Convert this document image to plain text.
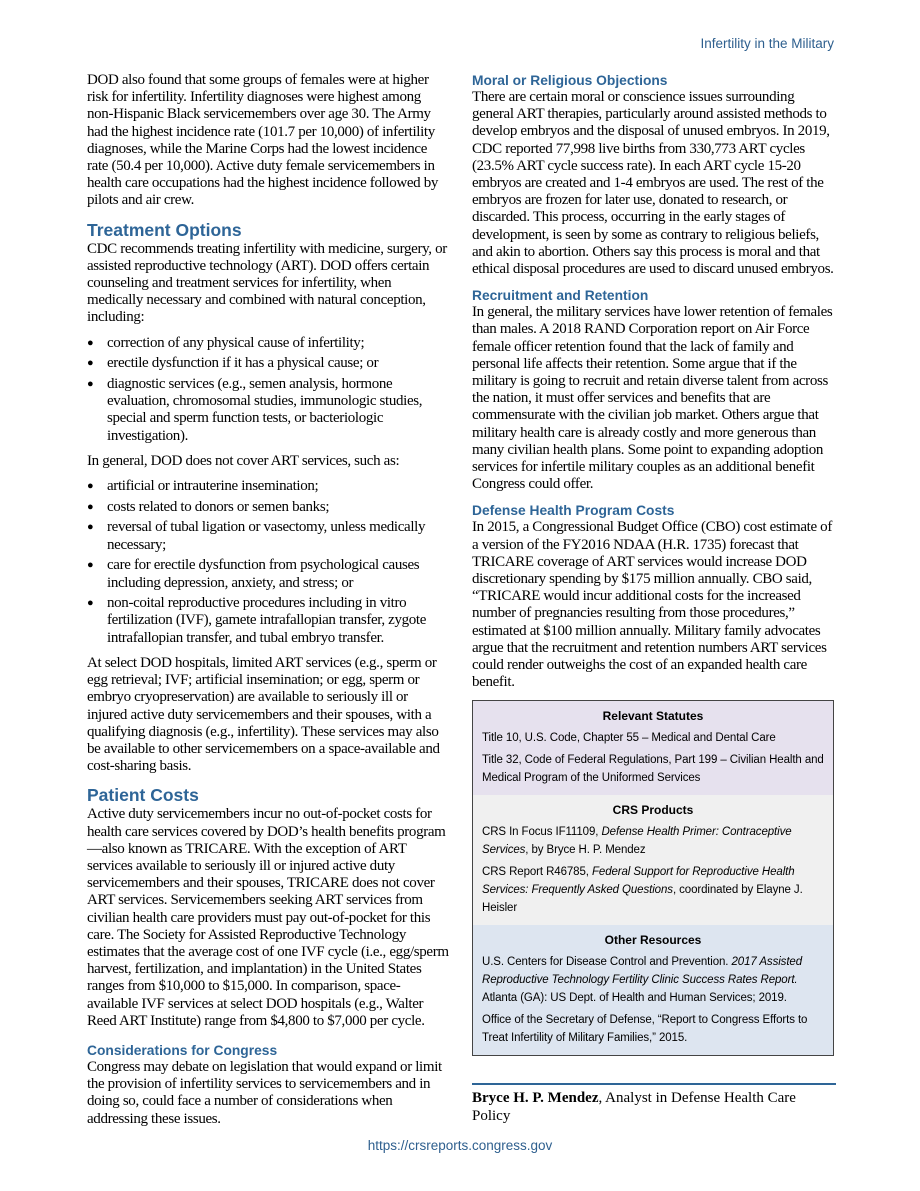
Infertility in the Military

DOD also found that some groups of females were at higher risk for infertility. Infertility diagnoses were highest among non-Hispanic Black servicemembers over age 30. The Army had the highest incidence rate (101.7 per 10,000) of infertility diagnoses, while the Marine Corps had the lowest incidence rate (50.4 per 10,000). Active duty female servicemembers in health care occupations had the highest incidence followed by pilots and air crew.

Treatment Options

CDC recommends treating infertility with medicine, surgery, or assisted reproductive technology (ART). DOD offers certain counseling and treatment services for infertility, when medically necessary and combined with natural conception, including:

● correction of any physical cause of infertility;
● erectile dysfunction if it has a physical cause; or
● diagnostic services (e.g., semen analysis, hormone evaluation, chromosomal studies, immunologic studies, special and sperm function tests, or bacteriologic investigation).

In general, DOD does not cover ART services, such as:

● artificial or intrauterine insemination;
● costs related to donors or semen banks;
● reversal of tubal ligation or vasectomy, unless medically necessary;
● care for erectile dysfunction from psychological causes including depression, anxiety, and stress; or
● non-coital reproductive procedures including in vitro fertilization (IVF), gamete intrafallopian transfer, zygote intrafallopian transfer, and tubal embryo transfer.

At select DOD hospitals, limited ART services (e.g., sperm or egg retrieval; IVF; artificial insemination; or egg, sperm or embryo cryopreservation) are available to seriously ill or injured active duty servicemembers and their spouses, with a qualifying diagnosis (e.g., infertility). These services may also be available to other servicemembers on a space-available and cost-sharing basis.

Patient Costs

Active duty servicemembers incur no out-of-pocket costs for health care services covered by DOD’s health benefits program—also known as TRICARE. With the exception of ART services available to seriously ill or injured active duty servicemembers and their spouses, TRICARE does not cover ART services. Servicemembers seeking ART services from civilian health care providers must pay out-of-pocket for this care. The Society for Assisted Reproductive Technology estimates that the average cost of one IVF cycle (i.e., egg/sperm harvest, fertilization, and implantation) in the United States ranges from $10,000 to $15,000. In comparison, space-available IVF services at select DOD hospitals (e.g., Walter Reed ART Institute) range from $4,800 to $7,000 per cycle.

Considerations for Congress

Congress may debate on legislation that would expand or limit the provision of infertility services to servicemembers and in doing so, could face a number of considerations when addressing these issues.

Moral or Religious Objections

There are certain moral or conscience issues surrounding general ART therapies, particularly around assisted methods to develop embryos and the disposal of unused embryos. In 2019, CDC reported 77,998 live births from 330,773 ART cycles (23.5% ART cycle success rate). In each ART cycle 15-20 embryos are created and 1-4 embryos are used. The rest of the embryos are frozen for later use, donated to research, or discarded. This process, occurring in the early stages of development, is seen by some as contrary to religious beliefs, and akin to abortion. Others say this process is moral and that ethical disposal procedures are used to discard unused embryos.

Recruitment and Retention

In general, the military services have lower retention of females than males. A 2018 RAND Corporation report on Air Force female officer retention found that the lack of family and personal life affects their retention. Some argue that if the military is going to recruit and retain diverse talent from across the nation, it must offer services and benefits that are commensurate with the civilian job market. Others argue that military health care is already costly and more generous than many civilian health plans. Some point to expanding adoption services for infertile military couples as an additional benefit Congress could offer.

Defense Health Program Costs

In 2015, a Congressional Budget Office (CBO) cost estimate of a version of the FY2016 NDAA (H.R. 1735) forecast that TRICARE coverage of ART services would increase DOD discretionary spending by $175 million annually. CBO said, “TRICARE would incur additional costs for the increased number of pregnancies resulting from those procedures,” estimated at $100 million annually. Military family advocates argue that the recruitment and retention numbers ART services could render outweighs the cost of an expanded health care benefit.

Relevant Statutes
Title 10, U.S. Code, Chapter 55 – Medical and Dental Care
Title 32, Code of Federal Regulations, Part 199 – Civilian Health and Medical Program of the Uniformed Services
CRS Products
CRS In Focus IF11109, Defense Health Primer: Contraceptive Services, by Bryce H. P. Mendez
CRS Report R46785, Federal Support for Reproductive Health Services: Frequently Asked Questions, coordinated by Elayne J. Heisler
Other Resources
U.S. Centers for Disease Control and Prevention. 2017 Assisted Reproductive Technology Fertility Clinic Success Rates Report. Atlanta (GA): US Dept. of Health and Human Services; 2019.
Office of the Secretary of Defense, “Report to Congress Efforts to Treat Infertility of Military Families,” 2015.
Bryce H. P. Mendez, Analyst in Defense Health Care Policy
https://crsreports.congress.gov
